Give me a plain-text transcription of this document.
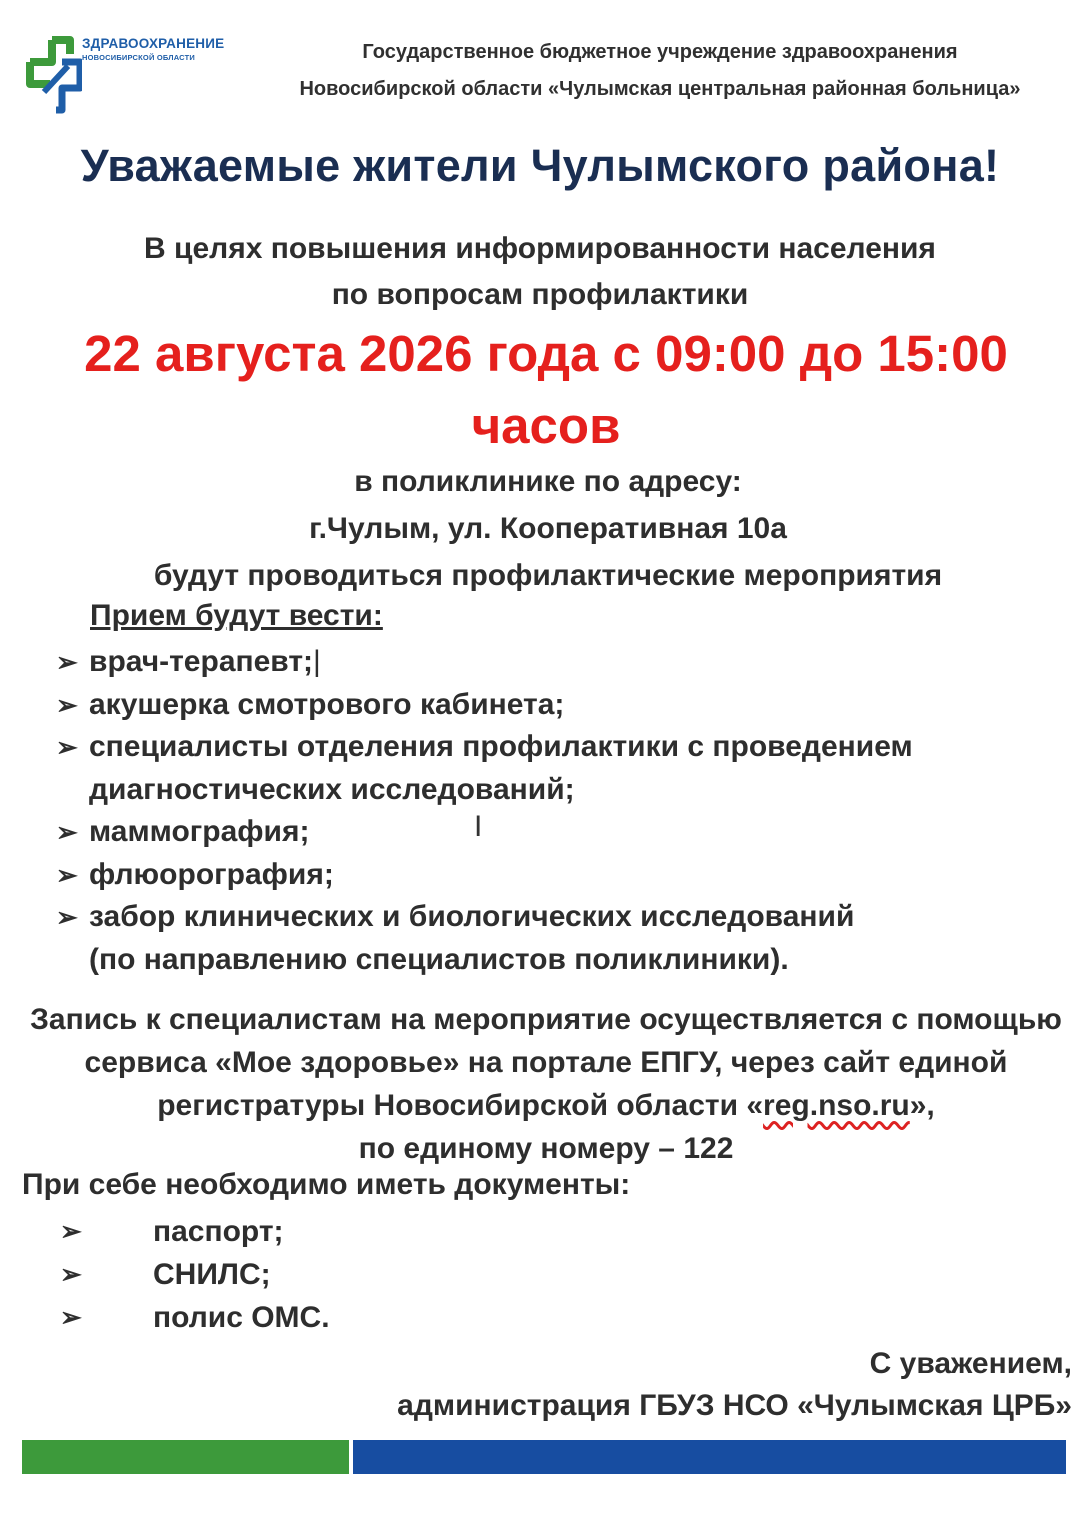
ЗДРАВООХРАНЕНИЕ
НОВОСИБИРСКОЙ ОБЛАСТИ	Государственное бюджетное учреждение здравоохранения
Новосибирской области «Чулымская центральная районная больница»
Уважаемые жители Чулымского района!
В целях повышения информированности населения
по вопросам профилактики
22 августа 2026 года с 09:00 до 15:00
часов
в поликлинике по адресу:
г.Чулым, ул. Кооперативная 10а
будут проводиться профилактические мероприятия
Прием будут вести:
➢ врач-терапевт; |
➢ акушерка смотрового кабинета;
➢ специалисты отделения профилактики с проведением
диагностических исследований;
➢ маммография;
➢ флюорография;
➢ забор клинических и биологических исследований
(по направлению специалистов поликлиники).
I
Запись к специалистам на мероприятие осуществляется с помощью
сервиса «Мое здоровье» на портале ЕПГУ, через сайт единой
регистратуры Новосибирской области «reg.nso.ru»,
по единому номеру – 122
При себе необходимо иметь документы:
➢	паспорт;
➢	СНИЛС;
➢	полис ОМС.
С уважением,
администрация ГБУЗ НСО «Чулымская ЦРБ»
